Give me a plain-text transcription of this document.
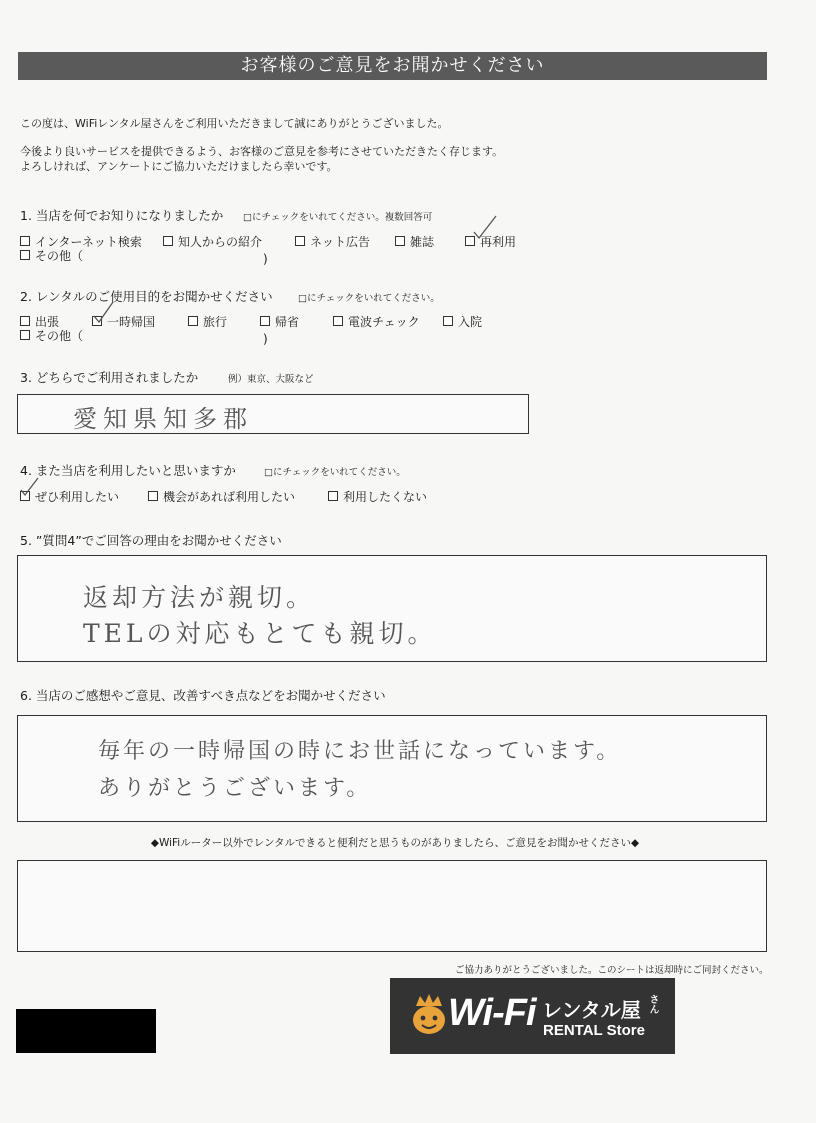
お客様のご意見をお聞かせください
この度は、WiFiレンタル屋さんをご利用いただきまして誠にありがとうございました。
今後より良いサービスを提供できるよう、お客様のご意見を参考にさせていただきたく存じます。
よろしければ、アンケートにご協力いただけましたら幸いです。
1. 当店を何でお知りになりましたか □にチェックをいれてください。複数回答可
インターネット検索	知人からの紹介	ネット広告	雑誌	再利用
その他（	)
2. レンタルのご使用目的をお聞かせください	□にチェックをいれてください。
出張	一時帰国	旅行	帰省	電波チェック	入院
その他（	)
3. どちらでご利用されましたか	例）東京、大阪など
愛知県知多郡
4. また当店を利用したいと思いますか	□にチェックをいれてください。
ぜひ利用したい	機会があれば利用したい	利用したくない
5. ”質問4”でご回答の理由をお聞かせください
返却方法が親切。
TELの対応もとても親切。
6. 当店のご感想やご意見、改善すべき点などをお聞かせください
毎年の一時帰国の時にお世話になっています。
ありがとうございます。
◆WiFiルーター以外でレンタルできると便利だと思うものがありましたら、ご意見をお聞かせください◆
ご協力ありがとうございました。このシートは返却時にご同封ください。
Wi-Fi レンタル屋 さん
RENTAL Store
